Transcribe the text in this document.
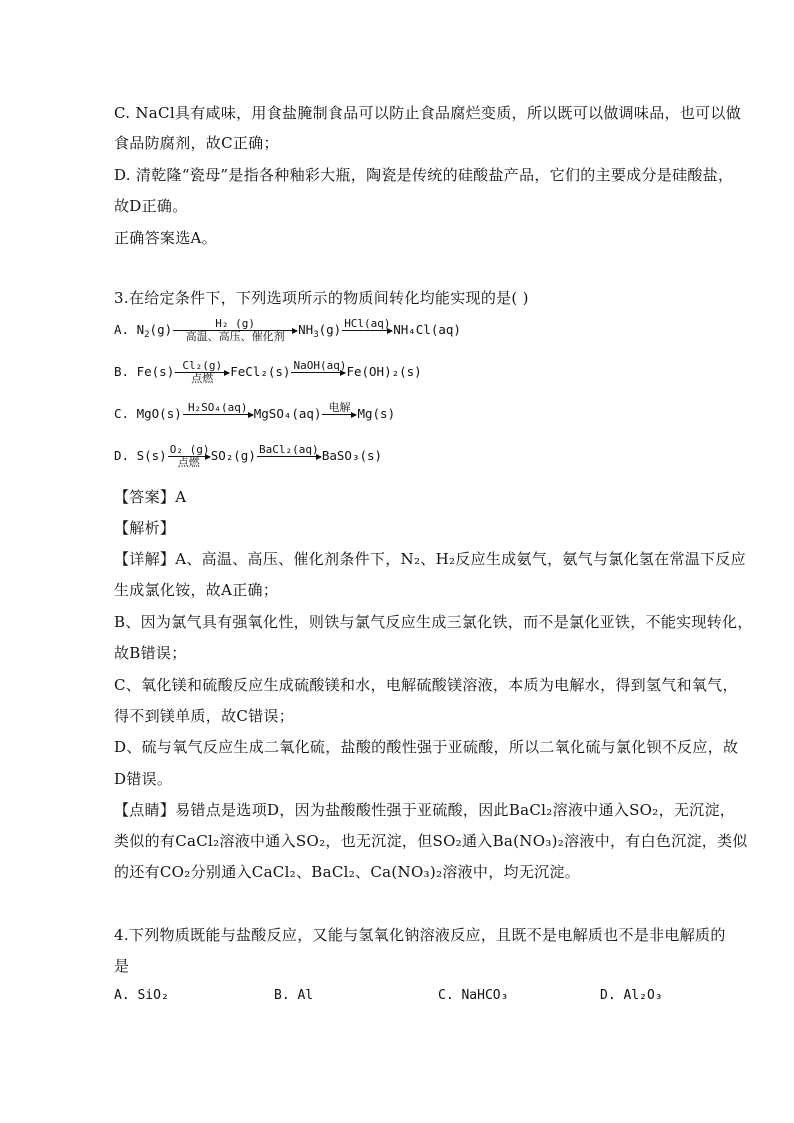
C. NaCl具有咸味，用食盐腌制食品可以防止食品腐烂变质，所以既可以做调味品，也可以做
食品防腐剂，故C正确；
D. 清乾隆“瓷母”是指各种釉彩大瓶，陶瓷是传统的硅酸盐产品，它们的主要成分是硅酸盐，
故D正确。
正确答案选A。
3.在给定条件下，下列选项所示的物质间转化均能实现的是( )
A. $N_2(g)$	H₂ (g)
高温、高压、催化剂	$NH_3(g)$ HCl(aq)
NH₄Cl(aq)
B. Fe(s) Cl₂(g)
点燃	FeCl₂(s) NaOH(aq)
Fe(OH)₂(s)
C. MgO(s) H₂SO₄(aq)
MgSO₄(aq) 电解
Mg(s)
D. S(s) O₂ (g)
点燃 SO₂(g) BaCl₂(aq)
BaSO₃(s)
【答案】A
【解析】
【详解】A、高温、高压、催化剂条件下，N₂、H₂反应生成氨气，氨气与氯化氢在常温下反应
生成氯化铵，故A正确；
B、因为氯气具有强氧化性，则铁与氯气反应生成三氯化铁，而不是氯化亚铁，不能实现转化，
故B错误；
C、氧化镁和硫酸反应生成硫酸镁和水，电解硫酸镁溶液，本质为电解水，得到氢气和氧气，
得不到镁单质，故C错误；
D、硫与氧气反应生成二氧化硫，盐酸的酸性强于亚硫酸，所以二氧化硫与氯化钡不反应，故
D错误。
【点睛】易错点是选项D，因为盐酸酸性强于亚硫酸，因此BaCl₂溶液中通入SO₂，无沉淀，
类似的有CaCl₂溶液中通入SO₂，也无沉淀，但SO₂通入Ba(NO₃)₂溶液中，有白色沉淀，类似
的还有CO₂分别通入CaCl₂、BaCl₂、Ca(NO₃)₂溶液中，均无沉淀。
4.下列物质既能与盐酸反应，又能与氢氧化钠溶液反应，且既不是电解质也不是非电解质的
是
A. SiO₂	B. Al	C. NaHCO₃	D. Al₂O₃
